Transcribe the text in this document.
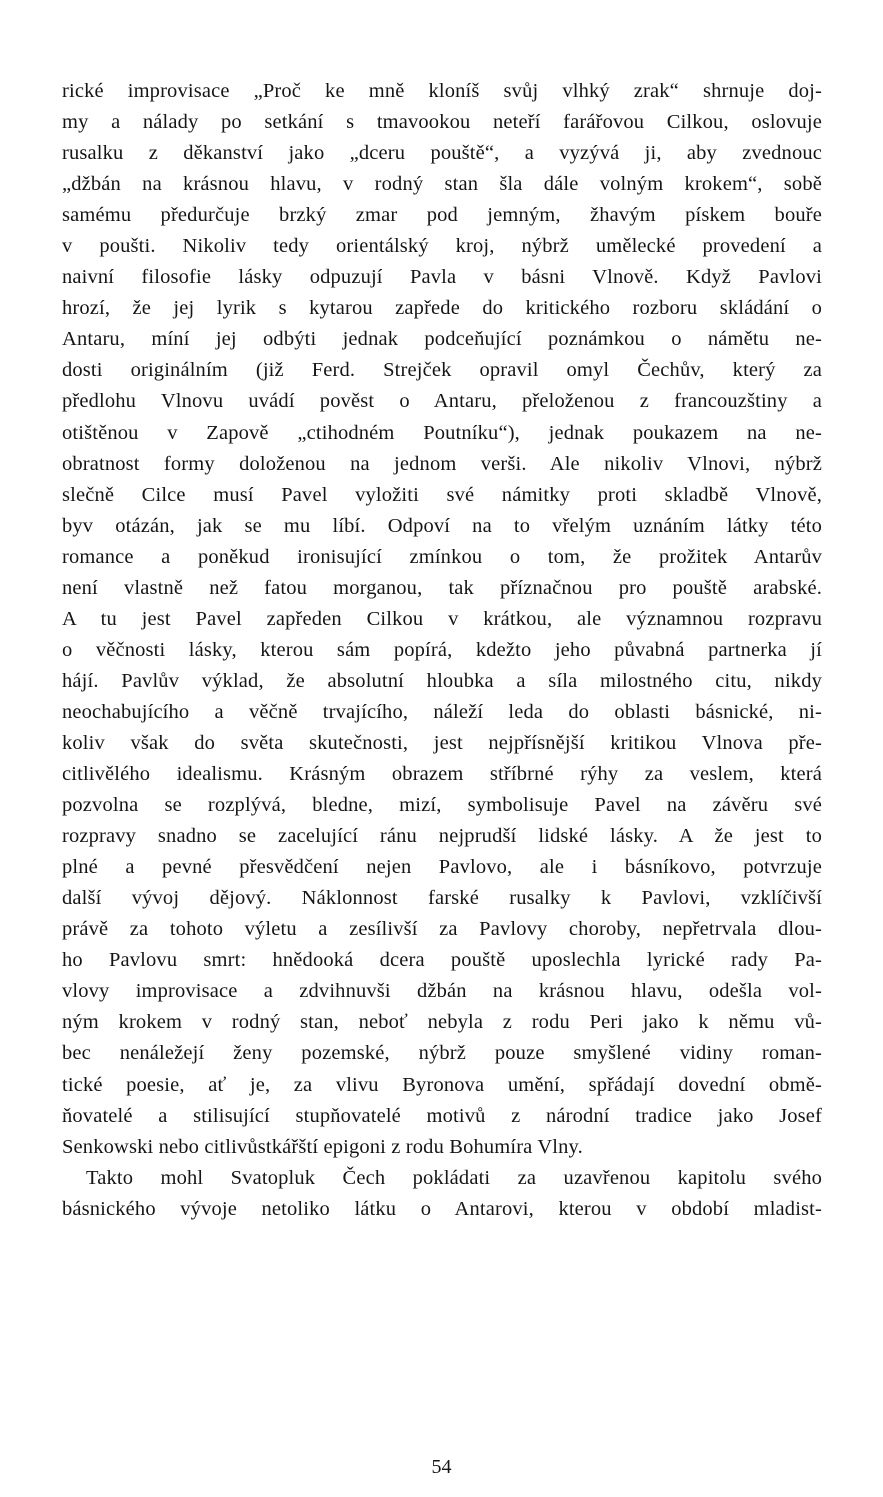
rické improvisace „Proč ke mně kloníš svůj vlhký zrak“ shrnuje doj-
my a nálady po setkání s tmavookou neteří farářovou Cilkou, oslovuje
rusalku z děkanství jako „dceru pouště“, a vyzývá ji, aby zvednouc
„džbán na krásnou hlavu, v rodný stan šla dále volným krokem“, sobě
samému předurčuje brzký zmar pod jemným, žhavým pískem bouře
v poušti. Nikoliv tedy orientálský kroj, nýbrž umělecké provedení a
naivní filosofie lásky odpuzují Pavla v básni Vlnově. Když Pavlovi
hrozí, že jej lyrik s kytarou zapřede do kritického rozboru skládání o
Antaru, míní jej odbýti jednak podceňující poznámkou o námětu ne-
dosti originálním (již Ferd. Strejček opravil omyl Čechův, který za
předlohu Vlnovu uvádí pověst o Antaru, přeloženou z francouzštiny a
otištěnou v Zapově „ctihodném Poutníku“), jednak poukazem na ne-
obratnost formy doloženou na jednom verši. Ale nikoliv Vlnovi, nýbrž
slečně Cilce musí Pavel vyložiti své námitky proti skladbě Vlnově,
byv otázán, jak se mu líbí. Odpoví na to vřelým uznáním látky této
romance a poněkud ironisující zmínkou o tom, že prožitek Antarův
není vlastně než fatou morganou, tak příznačnou pro pouště arabské.
A tu jest Pavel zapředen Cilkou v krátkou, ale významnou rozpravu
o věčnosti lásky, kterou sám popírá, kdežto jeho půvabná partnerka jí
hájí. Pavlův výklad, že absolutní hloubka a síla milostného citu, nikdy
neochabujícího a věčně trvajícího, náleží leda do oblasti básnické, ni-
koliv však do světa skutečnosti, jest nejpřísnější kritikou Vlnova pře-
citlivělého idealismu. Krásným obrazem stříbrné rýhy za veslem, která
pozvolna se rozplývá, bledne, mizí, symbolisuje Pavel na závěru své
rozpravy snadno se zacelující ránu nejprudší lidské lásky. A že jest to
plné a pevné přesvědčení nejen Pavlovo, ale i básníkovo, potvrzuje
další vývoj dějový. Náklonnost farské rusalky k Pavlovi, vzklíčivší
právě za tohoto výletu a zesílivší za Pavlovy choroby, nepřetrvala dlou-
ho Pavlovu smrt: hnědooká dcera pouště uposlechla lyrické rady Pa-
vlovy improvisace a zdvihnuvši džbán na krásnou hlavu, odešla vol-
ným krokem v rodný stan, neboť nebyla z rodu Peri jako k němu vů-
bec nenáležejí ženy pozemské, nýbrž pouze smyšlené vidiny roman-
tické poesie, ať je, za vlivu Byronova umění, spřádají dovední obmě-
ňovatelé a stilisující stupňovatelé motivů z národní tradice jako Josef
Senkowski nebo citlivůstkářští epigoni z rodu Bohumíra Vlny.
Takto mohl Svatopluk Čech pokládati za uzavřenou kapitolu svého
básnického vývoje netoliko látku o Antarovi, kterou v období mladist-
54
